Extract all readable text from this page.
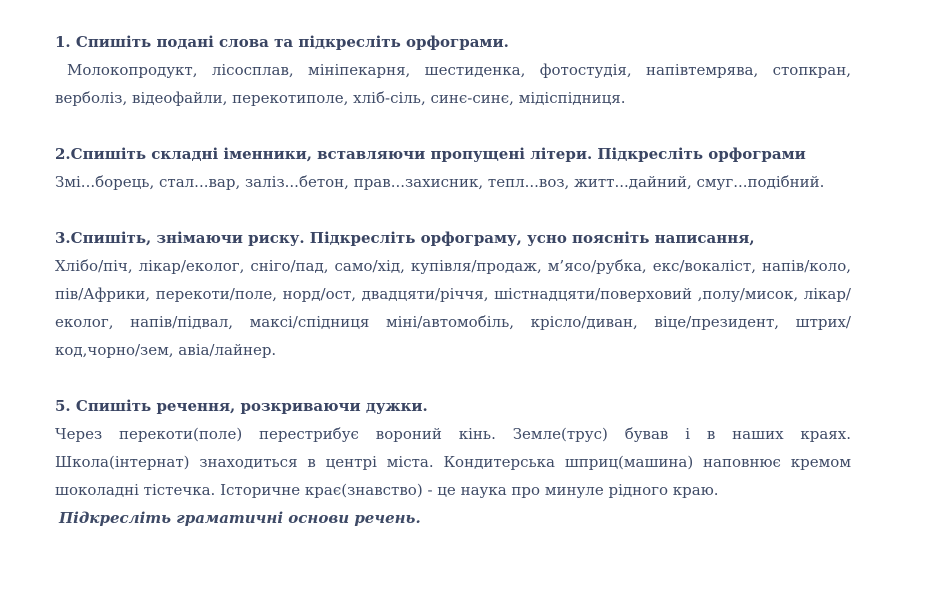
1. Спишіть подані слова та підкресліть орфограми.
Молокопродукт, лісосплав, мініпекарня, шестиденка, фотостудія, напівтемрява, стопкран, верболіз, відеофайли, перекотиполе, хліб-сіль, синє-синє, мідіспідниця.
2.Спишіть складні іменники, вставляючи пропущені літери. Підкресліть орфограми
Змі...борець, стал...вар, заліз...бетон, прав...захисник, тепл...воз, житт...дайний, смуг...подібний.
3.Спишіть, знімаючи риску. Підкресліть орфограму, усно поясніть написання,
Хлібо/піч, лікар/еколог, сніго/пад, само/хід, купівля/продаж, м’ясо/рубка, екс/вокаліст, напів/коло, пів/Африки, перекоти/поле, норд/ост, двадцяти/річчя, шістнадцяти/поверховий ,полу/мисок, лікар/еколог, напів/підвал, максі/спідниця міні/автомобіль, крісло/диван, віце/президент, штрих/код,чорно/зем, авіа/лайнер.
5. Спишіть речення, розкриваючи дужки.
Через перекоти(поле) перестрибує вороний кінь. Земле(трус) бував і в наших краях. Школа(інтернат) знаходиться в центрі міста. Кондитерська шприц(машина) наповнює кремом шоколадні тістечка. Історичне крає(знавство) - це наука про минуле рідного краю.
Підкресліть граматичні основи речень.
